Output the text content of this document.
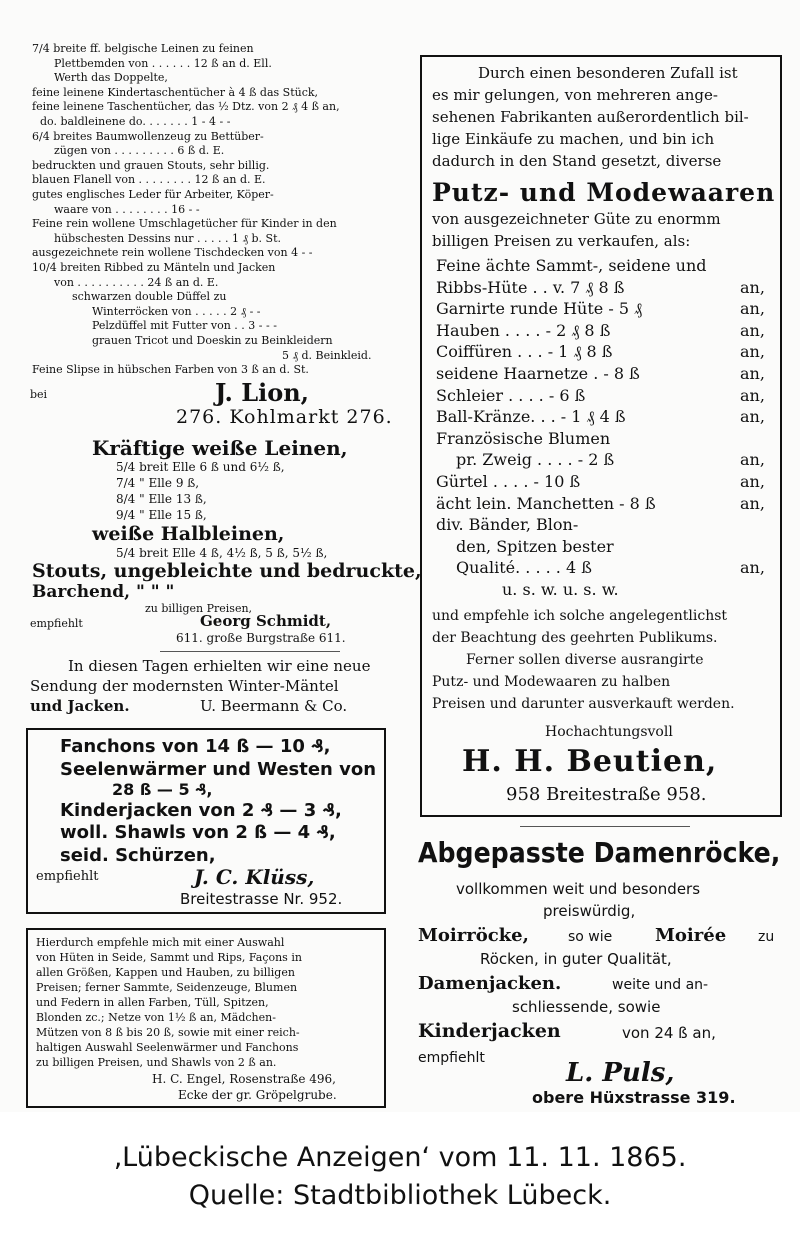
7/4 breite ff. belgische Leinen zu feinen
Plettbemden von . . . . . . 12 ß an d. Ell.
Werth das Doppelte,
feine leinene Kindertaschentücher à 4 ß das Stück,
feine leinene Taschentücher, das ½ Dtz. von 2 ₰ 4 ß an,
do. baldleinene do. . . . . . . 1 - 4 - -
6/4 breites Baumwollenzeug zu Bettüber-
zügen von . . . . . . . . . 6 ß d. E.
bedruckten und grauen Stouts, sehr billig.
blauen Flanell von . . . . . . . . 12 ß an d. E.
gutes englisches Leder für Arbeiter, Köper-
waare von . . . . . . . . 16 - -
Feine rein wollene Umschlagetücher für Kinder in den
hübschesten Dessins nur . . . . . 1 ₰ b. St.
ausgezeichnete rein wollene Tischdecken von 4 - -
10/4 breiten Ribbed zu Mänteln und Jacken
von . . . . . . . . . . 24 ß an d. E.
schwarzen double Düffel zu
Winterröcken von . . . . . 2 ₰ - -
Pelzdüffel mit Futter von . . 3 - - -
grauen Tricot und Doeskin zu Beinkleidern
5 ₰ d. Beinkleid.
Feine Slipse in hübschen Farben von 3 ß an d. St.
bei	J. Lion,
276. Kohlmarkt 276.
Kräftige weiße Leinen,
5/4 breit Elle 6 ß und 6½ ß,
7/4 " Elle 9 ß,
8/4 " Elle 13 ß,
9/4 " Elle 15 ß,
weiße Halbleinen,
5/4 breit Elle 4 ß, 4½ ß, 5 ß, 5½ ß,
Stouts, ungebleichte und bedruckte,
Barchend, " " "
zu billigen Preisen,
empfiehlt	Georg Schmidt,
611. große Burgstraße 611.
In diesen Tagen erhielten wir eine neue
Sendung der modernsten Winter-Mäntel
und Jacken.	U. Beermann & Co.
Fanchons von 14 ß — 10 ₰,
Seelenwärmer und Westen von
28 ß — 5 ₰,
Kinderjacken von 2 ₰ — 3 ₰,
woll. Shawls von 2 ß — 4 ₰,
seid. Schürzen,
empfiehlt	J. C. Klüss,
Breitestrasse Nr. 952.
Hierdurch empfehle mich mit einer Auswahl
von Hüten in Seide, Sammt und Rips, Façons in
allen Größen, Kappen und Hauben, zu billigen
Preisen; ferner Sammte, Seidenzeuge, Blumen
und Federn in allen Farben, Tüll, Spitzen,
Blonden zc.; Netze von 1½ ß an, Mädchen-
Mützen von 8 ß bis 20 ß, sowie mit einer reich-
haltigen Auswahl Seelenwärmer und Fanchons
zu billigen Preisen, und Shawls von 2 ß an.
H. C. Engel, Rosenstraße 496,
Ecke der gr. Gröpelgrube.
Durch einen besonderen Zufall ist
es mir gelungen, von mehreren ange-
sehenen Fabrikanten außerordentlich bil-
lige Einkäufe zu machen, und bin ich
dadurch in den Stand gesetzt, diverse
Putz- und Modewaaren
von ausgezeichneter Güte zu enormm
billigen Preisen zu verkaufen, als:
Feine ächte Sammt-, seidene und
Ribbs-Hüte . . v. 7 ₰ 8 ß	an,
Garnirte runde Hüte - 5 ₰	an,
Hauben . . . . - 2 ₰ 8 ß	an,
Coiffüren . . . - 1 ₰ 8 ß	an,
seidene Haarnetze . - 8 ß	an,
Schleier . . . . - 6 ß	an,
Ball-Kränze. . . - 1 ₰ 4 ß	an,
Französische Blumen
pr. Zweig . . . . - 2 ß	an,
Gürtel . . . . - 10 ß	an,
ächt lein. Manchetten - 8 ß	an,
div. Bänder, Blon-
den, Spitzen bester
Qualité. . . . . 4 ß	an,
u. s. w. u. s. w.
und empfehle ich solche angelegentlichst
der Beachtung des geehrten Publikums.
Ferner sollen diverse ausrangirte
Putz- und Modewaaren zu halben
Preisen und darunter ausverkauft werden.
Hochachtungsvoll
H. H. Beutien,
958 Breitestraße 958.
Abgepasste Damenröcke,
vollkommen weit und besonders
preiswürdig,
Moirröcke,	so wie Moirée zu
Röcken, in guter Qualität,
Damenjacken.	weite und an-
schliessende, sowie
Kinderjacken	von 24 ß an,
empfiehlt	L. Puls,
obere Hüxstrasse 319.
‚Lübeckische Anzeigen‘ vom 11. 11. 1865.
Quelle: Stadtbibliothek Lübeck.
